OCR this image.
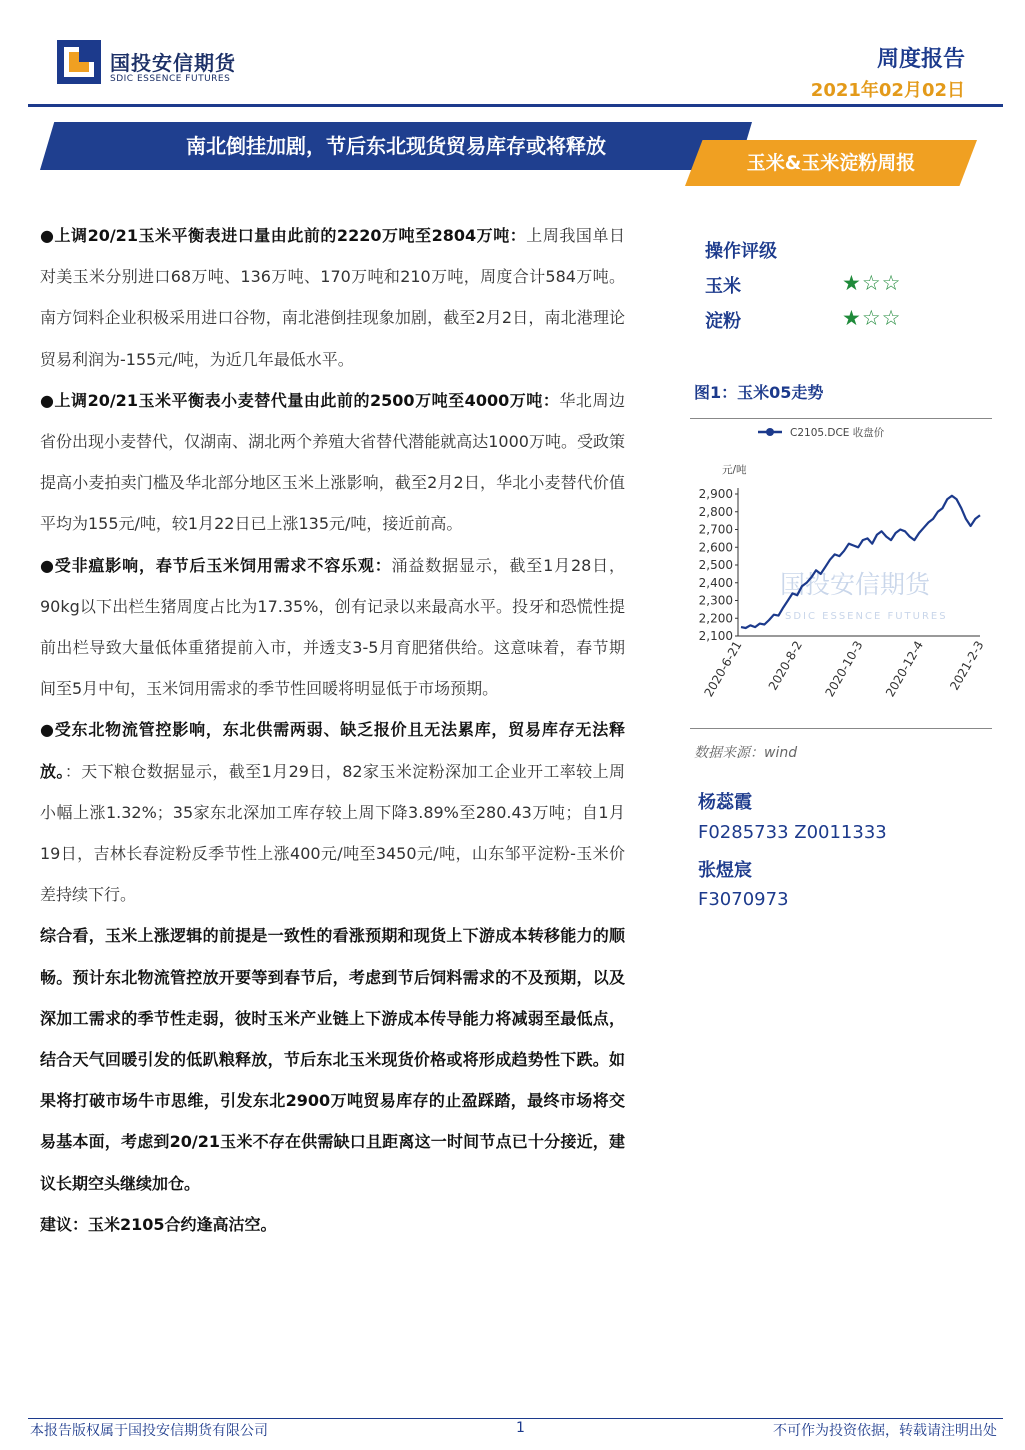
国投安信期货
SDIC ESSENCE FUTURES
周度报告
2021年02月02日
南北倒挂加剧，节后东北现货贸易库存或将释放
玉米&玉米淀粉周报

●上调20/21玉米平衡表进口量由此前的2220万吨至2804万吨：上周我国单日对美玉米分别进口68万吨、136万吨、170万吨和210万吨，周度合计584万吨。南方饲料企业积极采用进口谷物，南北港倒挂现象加剧，截至2月2日，南北港理论贸易利润为-155元/吨，为近几年最低水平。

●上调20/21玉米平衡表小麦替代量由此前的2500万吨至4000万吨：华北周边省份出现小麦替代，仅湖南、湖北两个养殖大省替代潜能就高达1000万吨。受政策提高小麦拍卖门槛及华北部分地区玉米上涨影响，截至2月2日，华北小麦替代价值平均为155元/吨，较1月22日已上涨135元/吨，接近前高。

●受非瘟影响，春节后玉米饲用需求不容乐观：涌益数据显示，截至1月28日，90kg以下出栏生猪周度占比为17.35%，创有记录以来最高水平。投牙和恐慌性提前出栏导致大量低体重猪提前入市，并透支3-5月育肥猪供给。这意味着，春节期间至5月中旬，玉米饲用需求的季节性回暖将明显低于市场预期。

●受东北物流管控影响，东北供需两弱、缺乏报价且无法累库，贸易库存无法释放。：天下粮仓数据显示，截至1月29日，82家玉米淀粉深加工企业开工率较上周小幅上涨1.32%；35家东北深加工库存较上周下降3.89%至280.43万吨；自1月19日，吉林长春淀粉反季节性上涨400元/吨至3450元/吨，山东邹平淀粉-玉米价差持续下行。

综合看，玉米上涨逻辑的前提是一致性的看涨预期和现货上下游成本转移能力的顺畅。预计东北物流管控放开要等到春节后，考虑到节后饲料需求的不及预期，以及深加工需求的季节性走弱，彼时玉米产业链上下游成本传导能力将减弱至最低点，结合天气回暖引发的低趴粮释放，节后东北玉米现货价格或将形成趋势性下跌。如果将打破市场牛市思维，引发东北2900万吨贸易库存的止盈踩踏，最终市场将交易基本面，考虑到20/21玉米不存在供需缺口且距离这一时间节点已十分接近，建议长期空头继续加仓。

建议：玉米2105合约逢高沽空。

操作评级
玉米	★☆☆
淀粉	★☆☆
图1：玉米05走势
国投安信期货
SDIC ESSENCE FUTURES
C2105.DCE 收盘价
元/吨
2,100
2,200
2,300
2,400
2,500
2,600
2,700
2,800
2,900
2020-6-21 2020-8-2 2020-10-3 2020-12-4 2021-2-3
数据来源：wind
杨蕊霞
F0285733 Z0011333
张煜宸
F3070973
本报告版权属于国投安信期货有限公司	1	不可作为投资依据，转载请注明出处
